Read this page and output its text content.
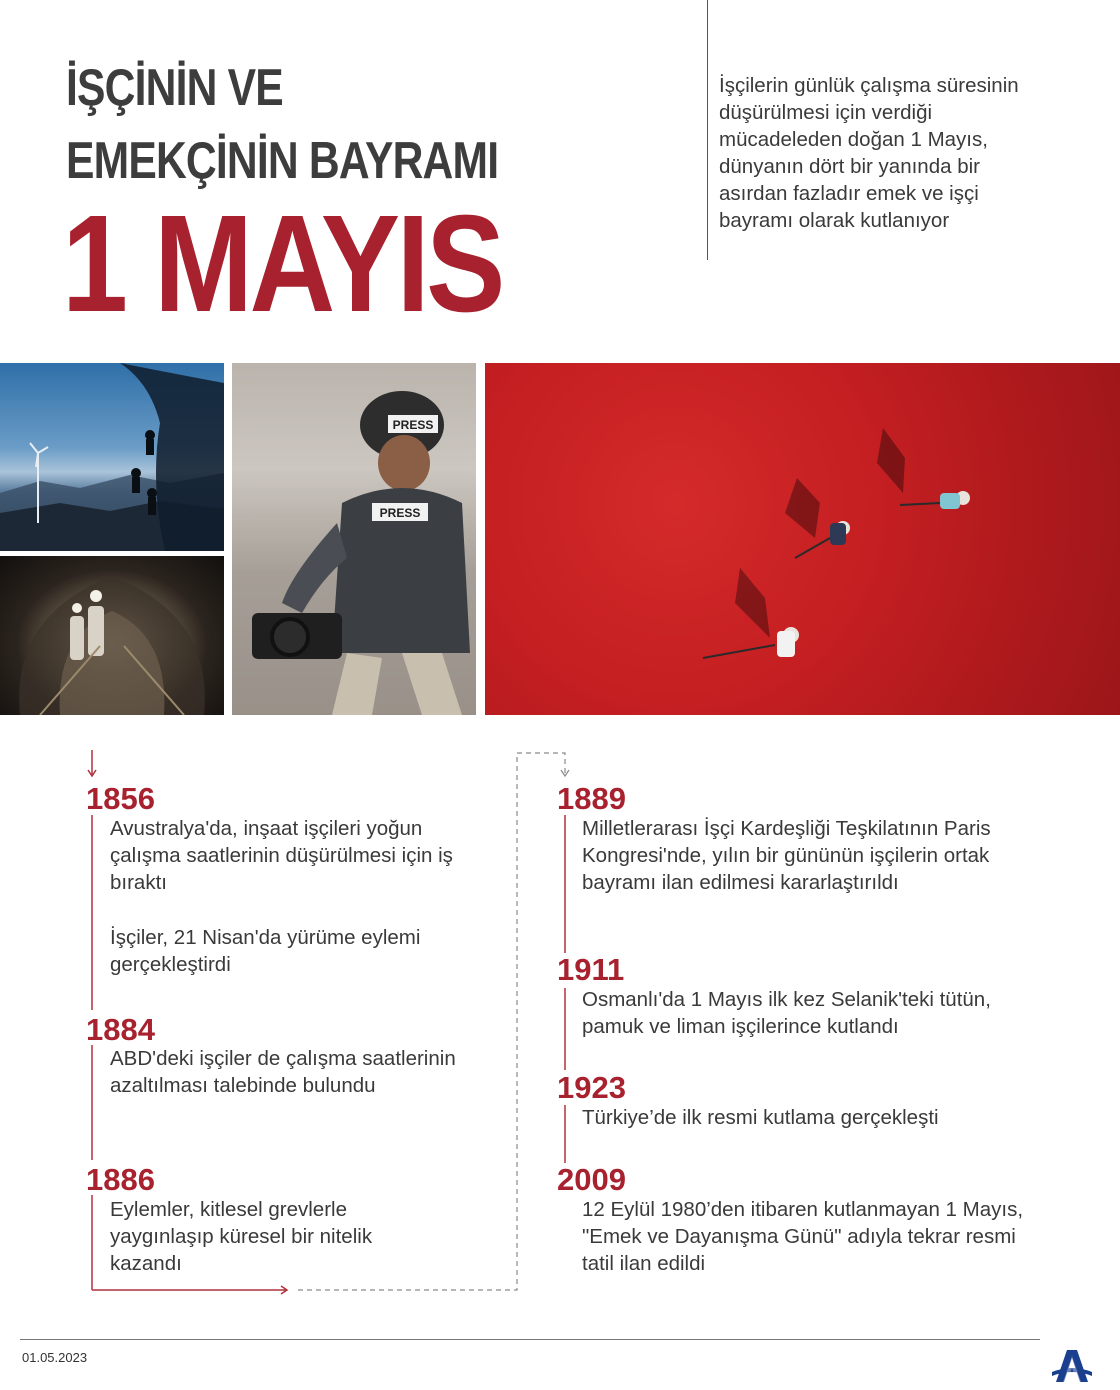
İŞÇİNİN VE
EMEKÇİNİN BAYRAMI
1 MAYIS
İşçilerin günlük çalışma süresinin düşürülmesi için verdiği mücadeleden doğan 1 Mayıs, dünyanın dört bir yanında bir asırdan fazladır emek ve işçi bayramı olarak kutlanıyor
PRESS
PRESS
1856
Avustralya'da, inşaat işçileri yoğun çalışma saatlerinin düşürülmesi için iş bıraktı
İşçiler, 21 Nisan'da yürüme eylemi gerçekleştirdi
1884
ABD'deki işçiler de çalışma saatlerinin azaltılması talebinde bulundu
1886
Eylemler, kitlesel grevlerle yaygınlaşıp küresel bir nitelik kazandı
1889
Milletlerarası İşçi Kardeşliği Teşkilatının Paris Kongresi'nde, yılın bir gününün işçilerin ortak bayramı ilan edilmesi kararlaştırıldı
1911
Osmanlı'da 1 Mayıs ilk kez Selanik'teki tütün, pamuk ve liman işçilerince kutlandı
1923
Türkiye’de ilk resmi kutlama gerçekleşti
2009
12 Eylül 1980’den itibaren kutlanmayan 1 Mayıs, "Emek ve Dayanışma Günü" adıyla tekrar resmi tatil ilan edildi
01.05.2023
